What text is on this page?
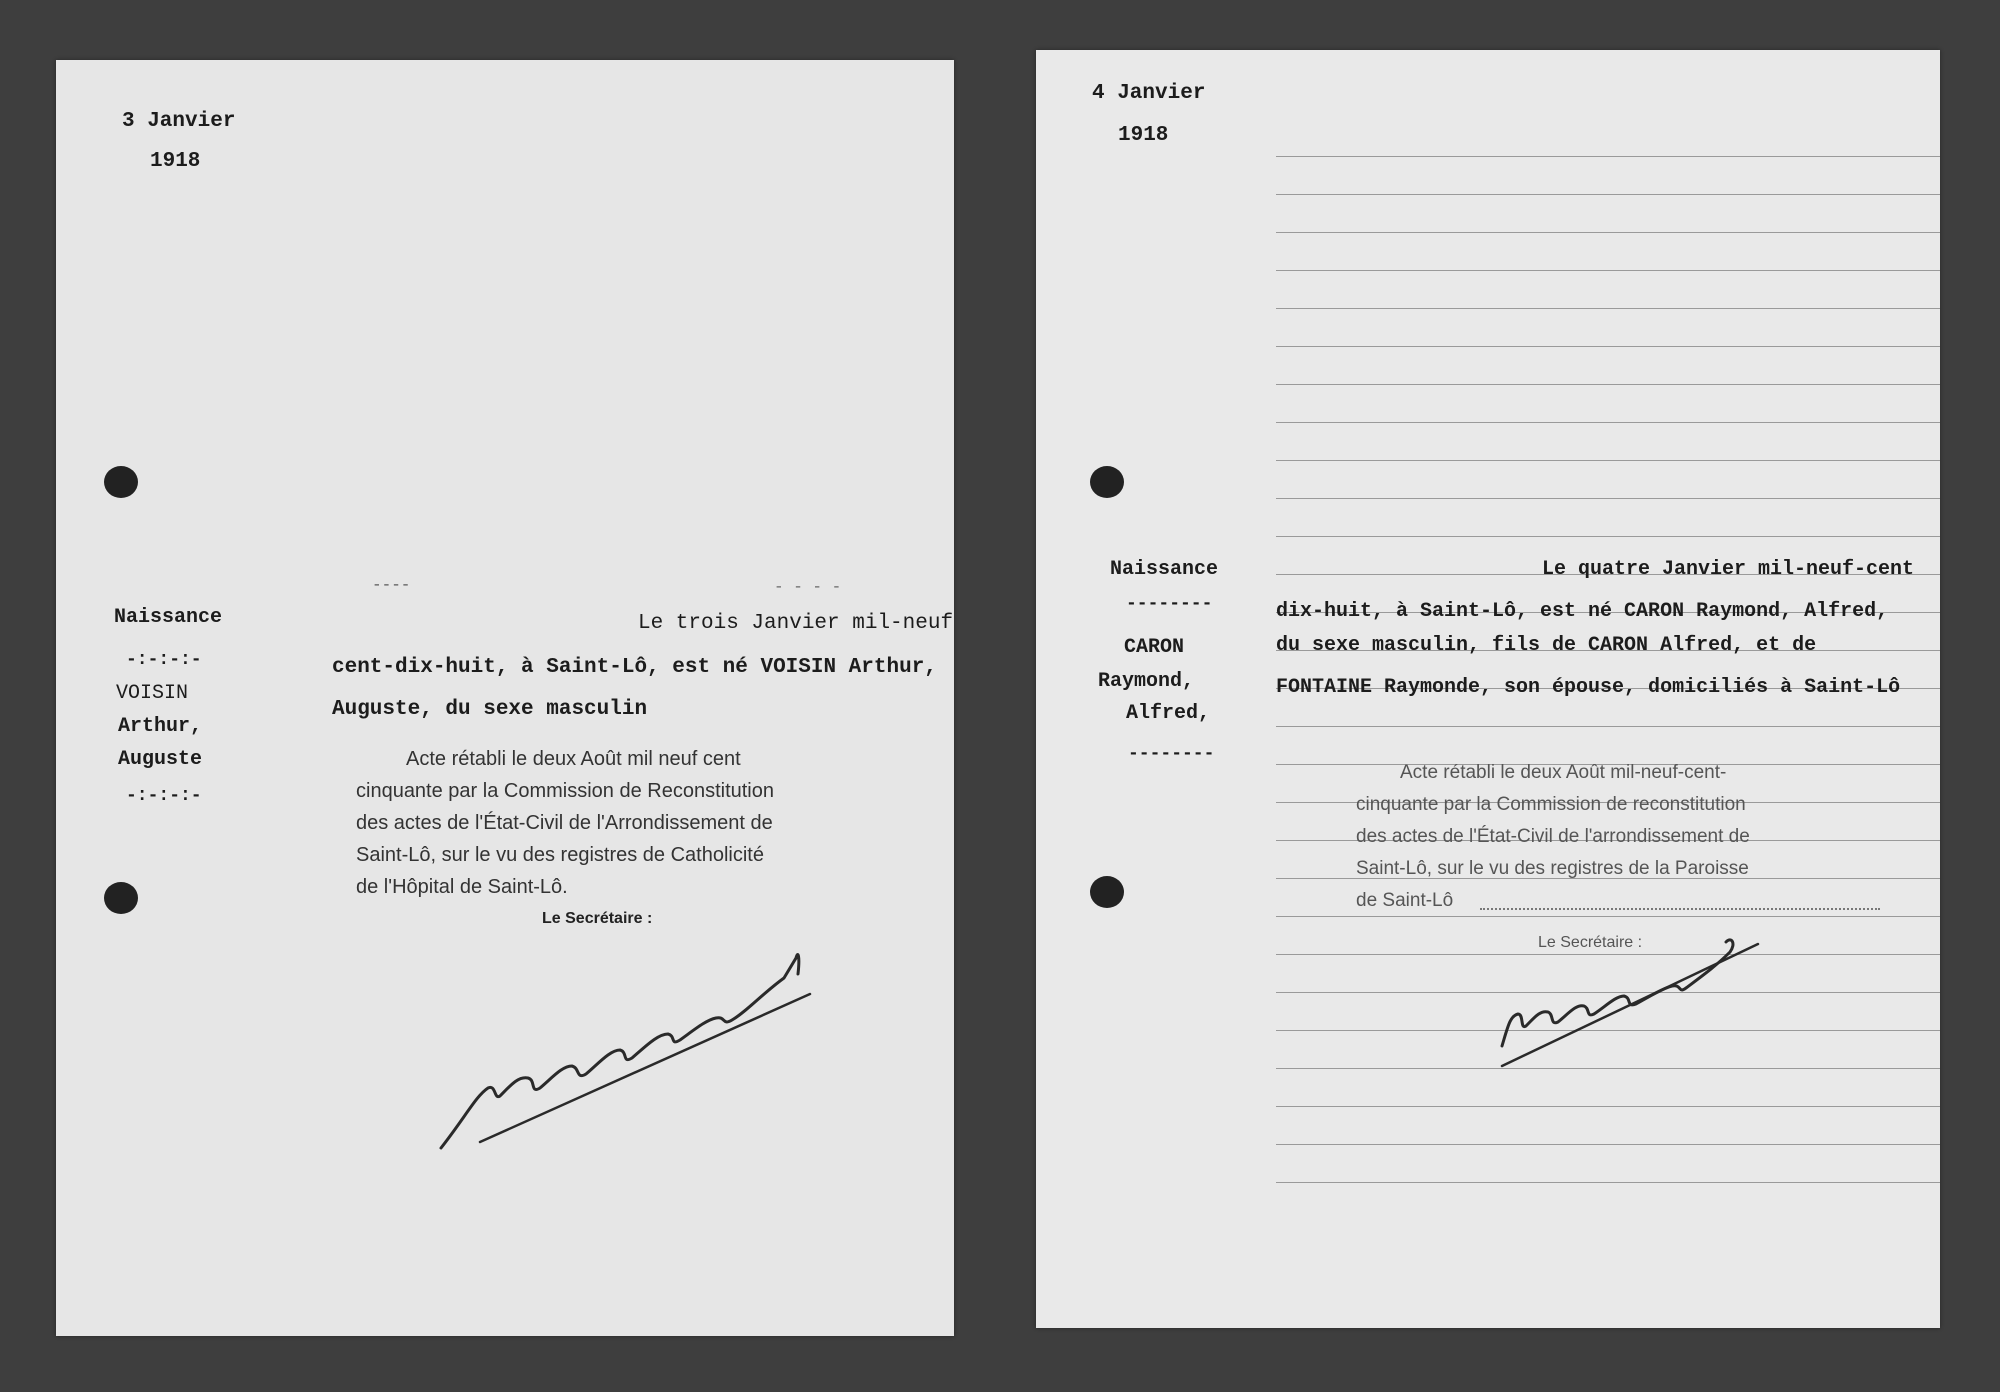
3 Janvier
1918
----	- - - -
Naissance
-:-:-:-
VOISIN
Arthur,
Auguste
-:-:-:-
Le trois Janvier mil-neuf
cent-dix-huit, à Saint-Lô, est né VOISIN Arthur,
Auguste, du sexe masculin
Acte rétabli le deux Août mil neuf cent
cinquante par la Commission de Reconstitution
des actes de l'État-Civil de l'Arrondissement de
Saint-Lô, sur le vu des registres de Catholicité
de l'Hôpital de Saint-Lô.
Le Secrétaire :
4 Janvier
1918
Naissance
--------
CARON
Raymond,
Alfred,
--------
Le quatre Janvier mil-neuf-cent
dix-huit, à Saint-Lô, est né CARON Raymond, Alfred,
du sexe masculin, fils de CARON Alfred, et de
FONTAINE Raymonde, son épouse, domiciliés à Saint-Lô
Acte rétabli le deux Août mil-neuf-cent-
cinquante par la Commission de reconstitution
des actes de l'État-Civil de l'arrondissement de
Saint-Lô, sur le vu des registres de la Paroisse
de Saint-Lô
Le Secrétaire :
